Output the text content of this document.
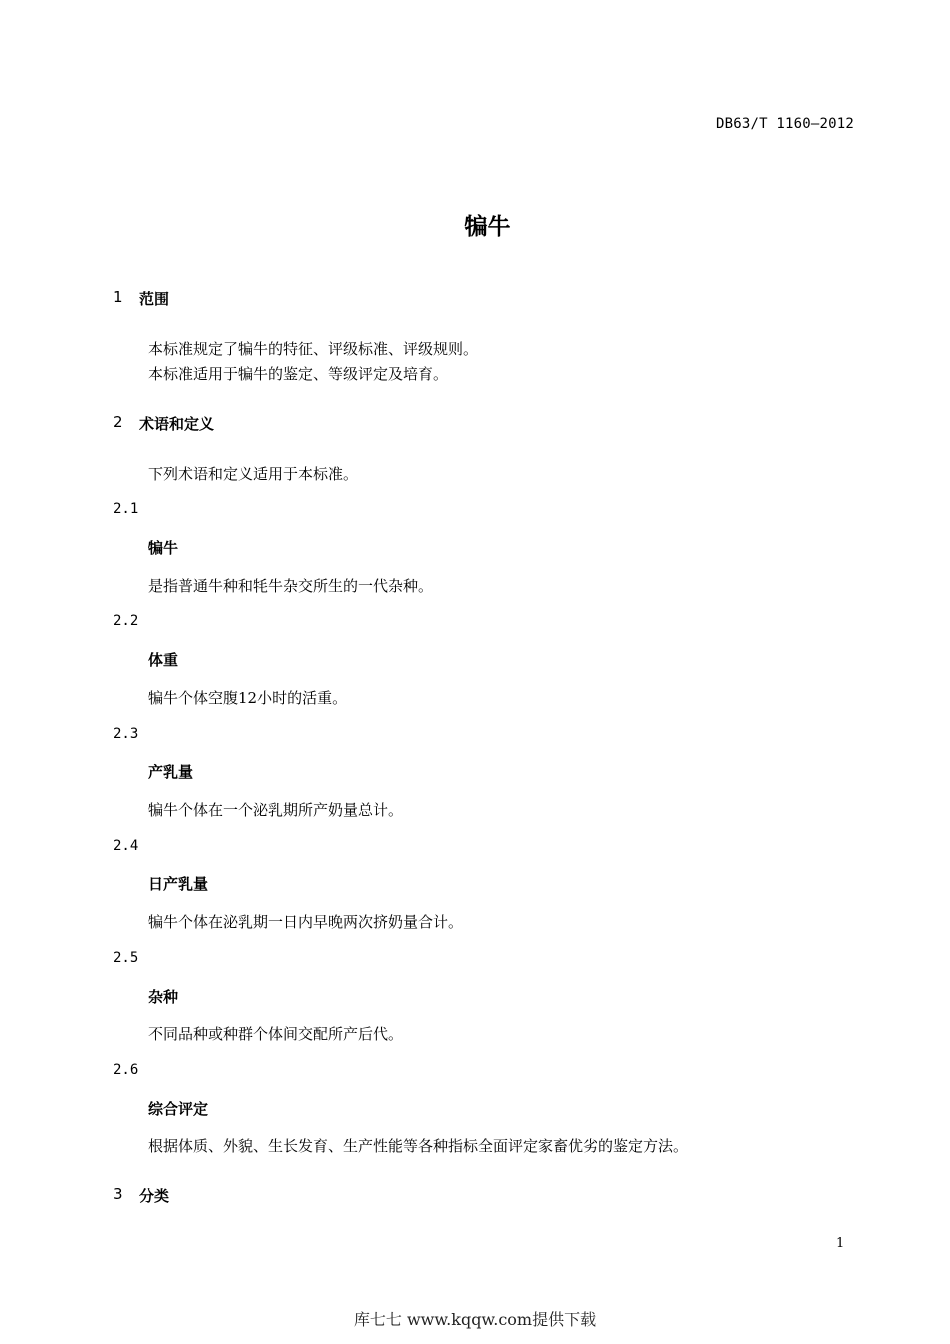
DB63/T 1160—2012
犏牛
1 范围
本标准规定了犏牛的特征、评级标准、评级规则。
本标准适用于犏牛的鉴定、等级评定及培育。
2 术语和定义
下列术语和定义适用于本标准。
2.1
犏牛
是指普通牛种和牦牛杂交所生的一代杂种。
2.2
体重
犏牛个体空腹12小时的活重。
2.3
产乳量
犏牛个体在一个泌乳期所产奶量总计。
2.4
日产乳量
犏牛个体在泌乳期一日内早晚两次挤奶量合计。
2.5
杂种
不同品种或种群个体间交配所产后代。
2.6
综合评定
根据体质、外貌、生长发育、生产性能等各种指标全面评定家畜优劣的鉴定方法。
3 分类
1
库七七 www.kqqw.com提供下载
